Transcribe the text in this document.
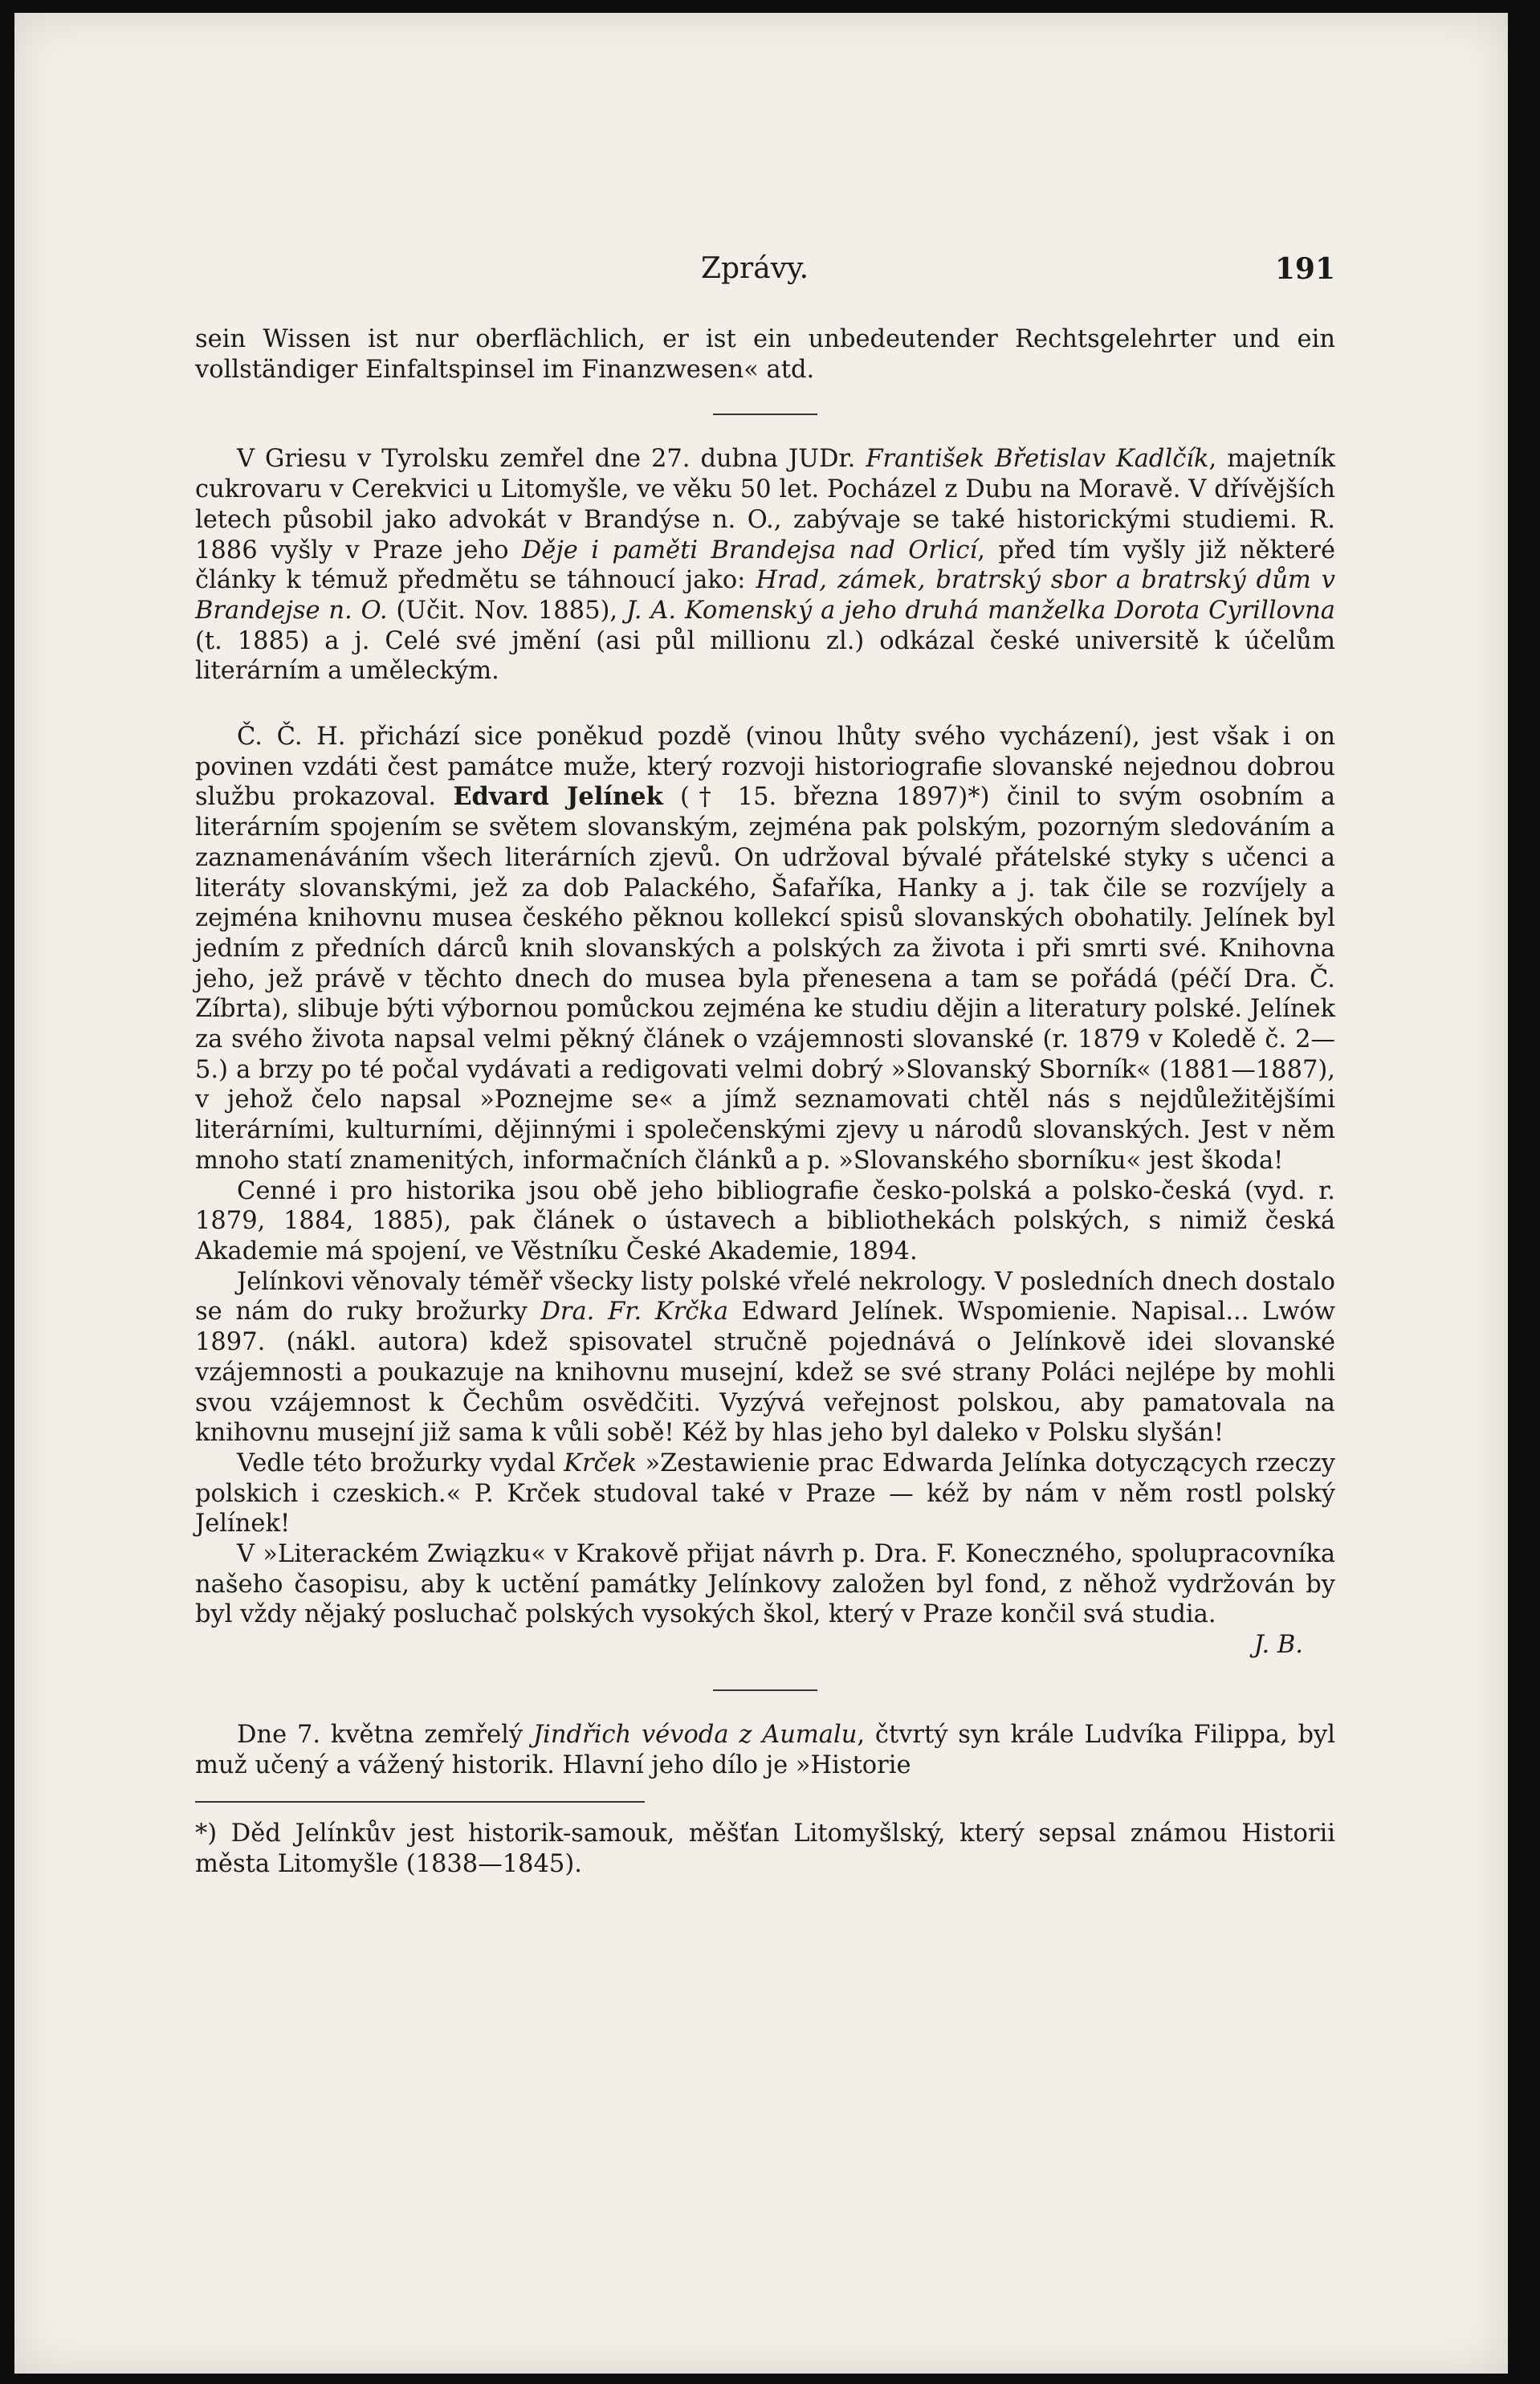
Zprávy.	191

sein Wissen ist nur oberflächlich, er ist ein unbedeutender Rechtsgelehrter und ein vollständiger Einfaltspinsel im Finanzwesen« atd.

V Griesu v Tyrolsku zemřel dne 27. dubna JUDr. František Břetislav Kadlčík, majetník cukrovaru v Cerekvici u Litomyšle, ve věku 50 let. Pocházel z Dubu na Moravě. V dřívějších letech působil jako advokát v Brandýse n. O., zabývaje se také historickými studiemi. R. 1886 vyšly v Praze jeho Děje i paměti Brandejsa nad Orlicí, před tím vyšly již některé články k témuž předmětu se táhnoucí jako: Hrad, zámek, bratrský sbor a bratrský dům v Brandejse n. O. (Učit. Nov. 1885), J. A. Komenský a jeho druhá manželka Dorota Cyrillovna (t. 1885) a j. Celé své jmění (asi půl millionu zl.) odkázal české universitě k účelům literárním a uměleckým.

Č. Č. H. přichází sice poněkud pozdě (vinou lhůty svého vycházení), jest však i on povinen vzdáti čest památce muže, který rozvoji historiografie slovanské nejednou dobrou službu prokazoval. Edvard Jelínek († 15. března 1897)*) činil to svým osobním a literárním spojením se světem slovanským, zejména pak polským, pozorným sledováním a zaznamenáváním všech literárních zjevů. On udržoval bývalé přátelské styky s učenci a literáty slovanskými, jež za dob Palackého, Šafaříka, Hanky a j. tak čile se rozvíjely a zejména knihovnu musea českého pěknou kollekcí spisů slovanských obohatily. Jelínek byl jedním z předních dárců knih slovanských a polských za života i při smrti své. Knihovna jeho, jež právě v těchto dnech do musea byla přenesena a tam se pořádá (péčí Dra. Č. Zíbrta), slibuje býti výbornou pomůckou zejména ke studiu dějin a literatury polské. Jelínek za svého života napsal velmi pěkný článek o vzájemnosti slovanské (r. 1879 v Koledě č. 2—5.) a brzy po té počal vydávati a redigovati velmi dobrý »Slovanský Sborník« (1881—1887), v jehož čelo napsal »Poznejme se« a jímž seznamovati chtěl nás s nejdůležitějšími literárními, kulturními, dějinnými i společenskými zjevy u národů slovanských. Jest v něm mnoho statí znamenitých, informačních článků a p. »Slovanského sborníku« jest škoda!

Cenné i pro historika jsou obě jeho bibliografie česko-polská a polsko-česká (vyd. r. 1879, 1884, 1885), pak článek o ústavech a bibliothekách polských, s nimiž česká Akademie má spojení, ve Věstníku České Akademie, 1894.

Jelínkovi věnovaly téměř všecky listy polské vřelé nekrology. V posledních dnech dostalo se nám do ruky brožurky Dra. Fr. Krčka Edward Jelínek. Wspomienie. Napisal... Lwów 1897. (nákl. autora) kdež spisovatel stručně pojednává o Jelínkově idei slovanské vzájemnosti a poukazuje na knihovnu musejní, kdež se své strany Poláci nejlépe by mohli svou vzájemnost k Čechům osvědčiti. Vyzývá veřejnost polskou, aby pamatovala na knihovnu musejní již sama k vůli sobě! Kéž by hlas jeho byl daleko v Polsku slyšán!

Vedle této brožurky vydal Krček »Zestawienie prac Edwarda Jelínka dotyczących rzeczy polskich i czeskich.« P. Krček studoval také v Praze — kéž by nám v něm rostl polský Jelínek!

V »Literackém Związku« v Krakově přijat návrh p. Dra. F. Koneczného, spolupracovníka našeho časopisu, aby k uctění památky Jelínkovy založen byl fond, z něhož vydržován by byl vždy nějaký posluchač polských vysokých škol, který v Praze končil svá studia.
J. B.

Dne 7. května zemřelý Jindřich vévoda z Aumalu, čtvrtý syn krále Ludvíka Filippa, byl muž učený a vážený historik. Hlavní jeho dílo je »Historie

*) Děd Jelínkův jest historik-samouk, měšťan Litomyšlský, který sepsal známou Historii města Litomyšle (1838—1845).
